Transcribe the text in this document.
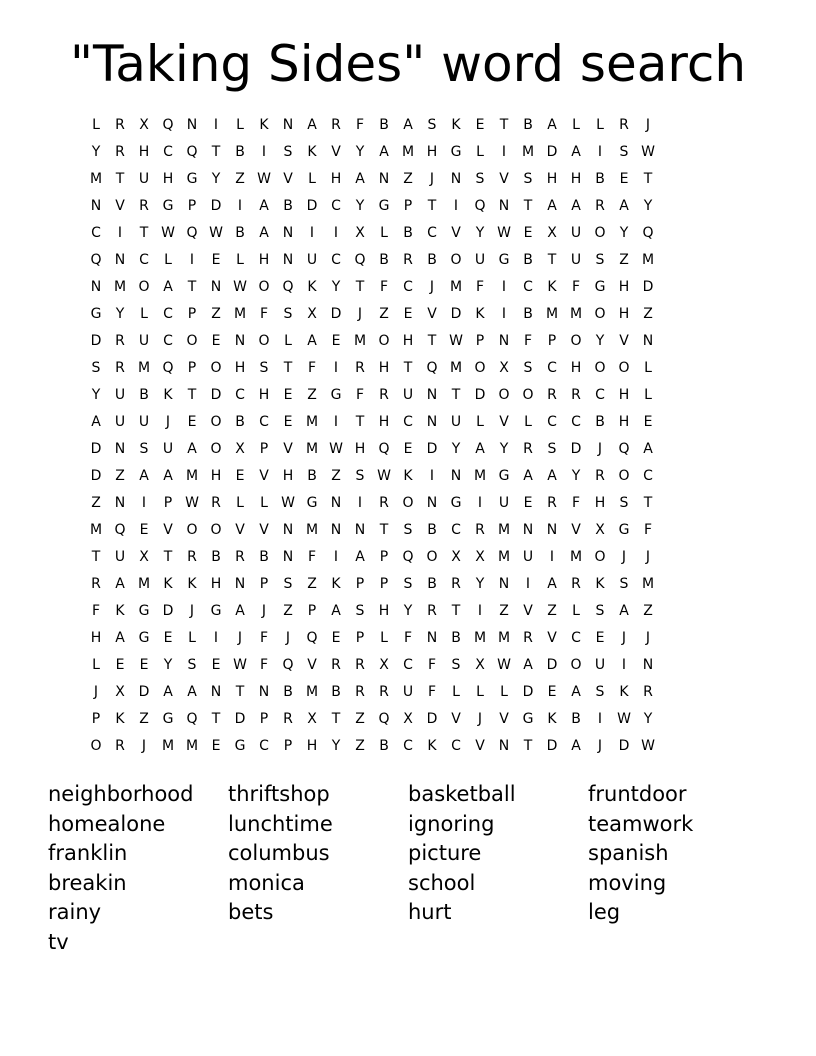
"Taking Sides" word search
L	R	X Q N	I	L	K	N A	R	F	B	A	S	K	E	T	B	A	L	L	R	J
Y	R H C Q	T	B	I	S	K	V	Y	A M H G	L	I	M D A	I	S W
M T	U H G	Y	Z W V	L	H A N Z	J	N	S	V	S	H H B	E	T
N V	R G	P	D	I	A	B D C	Y	G	P	T	I	Q N	T	A	A	R	A	Y
C	I	T W Q W B	A N	I	I	X	L	B	C	V	Y W E	X	U O	Y	Q
Q N C	L	I	E	L	H N U C Q B	R	B O U G B	T	U	S	Z M
N M O A	T	N W O Q K	Y	T	F	C	J	M F	I	C	K	F	G H D
G	Y	L	C	P	Z M F	S	X D	J	Z	E	V D	K	I	B M M O H Z
D R	U C O	E	N O	L	A	E M O H	T W P	N	F	P	O	Y	V N
S	R M Q	P	O H	S	T	F	I	R H	T	Q M O X	S	C H O O	L
Y	U	B	K	T	D C H	E	Z G	F	R	U N	T	D O O R	R	C H	L
A	U U	J	E	O B	C	E M	I	T	H C N U	L	V	L	C	C	B H	E
D N	S	U	A O X	P	V M W H Q	E	D	Y	A	Y	R	S	D	J	Q A
D Z	A	A M H	E	V H B	Z	S W K	I	N M G A	A	Y	R O C
Z N	I	P W R	L	L W G N	I	R O N G	I	U	E	R	F	H	S	T
M Q	E	V O O V	V N M N N	T	S	B	C	R M N N V	X G	F
T	U	X	T	R	B	R	B N	F	I	A	P	Q O X	X M U	I	M O	J	J
R	A M K	K	H N	P	S	Z	K	P	P	S	B	R	Y	N	I	A	R	K	S M
F	K G D	J	G A	J	Z	P	A	S	H	Y	R	T	I	Z	V	Z	L	S	A	Z
H A G	E	L	I	J	F	J	Q	E	P	L	F	N B M M R	V	C	E	J	J
L	E	E	Y	S	E W F	Q V	R	R	X	C	F	S	X W A D O U	I	N
J	X D A	A N	T	N B M B	R	R	U	F	L	L	L	D	E	A	S	K	R
P	K	Z G Q	T	D	P	R	X	T	Z Q X D V	J	V G K	B	I	W Y
O R	J	M M E	G C	P	H	Y	Z	B	C	K	C	V N	T	D A	J	D W
neighborhood
homealone
franklin
breakin
rainy
tv
thriftshop
lunchtime
columbus
monica
bets
basketball
ignoring
picture
school
hurt
fruntdoor
teamwork
spanish
moving
leg
